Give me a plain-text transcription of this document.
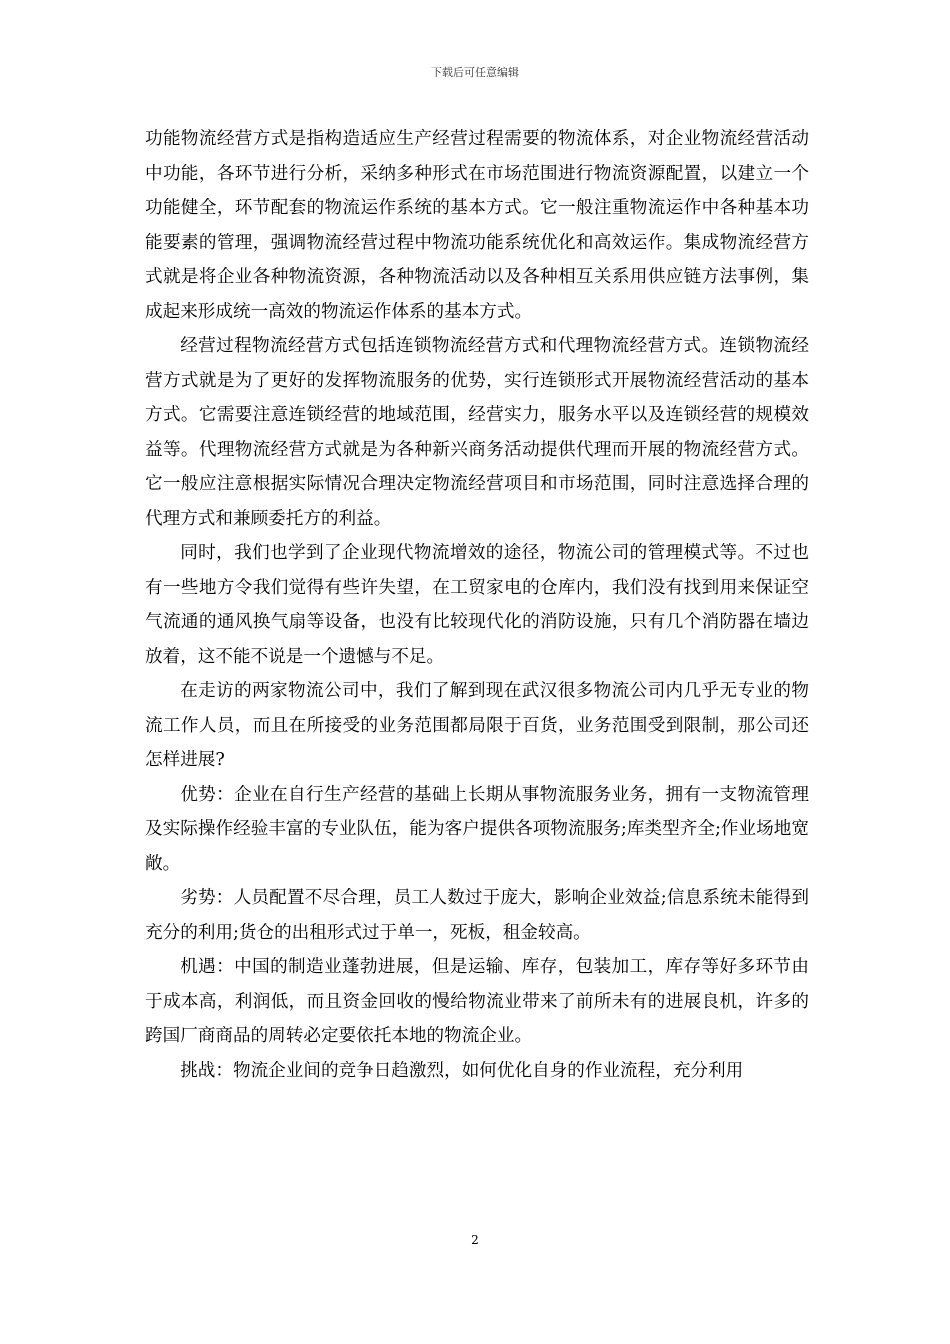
下载后可任意编辑

功能物流经营方式是指构造适应生产经营过程需要的物流体系，对企业物流经营活动中功能，各环节进行分析，采纳多种形式在市场范围进行物流资源配置，以建立一个功能健全，环节配套的物流运作系统的基本方式。它一般注重物流运作中各种基本功能要素的管理，强调物流经营过程中物流功能系统优化和高效运作。集成物流经营方式就是将企业各种物流资源，各种物流活动以及各种相互关系用供应链方法事例，集成起来形成统一高效的物流运作体系的基本方式。

经营过程物流经营方式包括连锁物流经营方式和代理物流经营方式。连锁物流经营方式就是为了更好的发挥物流服务的优势，实行连锁形式开展物流经营活动的基本方式。它需要注意连锁经营的地域范围，经营实力，服务水平以及连锁经营的规模效益等。代理物流经营方式就是为各种新兴商务活动提供代理而开展的物流经营方式。它一般应注意根据实际情况合理决定物流经营项目和市场范围，同时注意选择合理的代理方式和兼顾委托方的利益。

同时，我们也学到了企业现代物流增效的途径，物流公司的管理模式等。不过也有一些地方令我们觉得有些许失望，在工贸家电的仓库内，我们没有找到用来保证空气流通的通风换气扇等设备，也没有比较现代化的消防设施，只有几个消防器在墙边放着，这不能不说是一个遗憾与不足。

在走访的两家物流公司中，我们了解到现在武汉很多物流公司内几乎无专业的物流工作人员，而且在所接受的业务范围都局限于百货，业务范围受到限制，那公司还怎样进展?

优势：企业在自行生产经营的基础上长期从事物流服务业务，拥有一支物流管理及实际操作经验丰富的专业队伍，能为客户提供各项物流服务;库类型齐全;作业场地宽敞。

劣势：人员配置不尽合理，员工人数过于庞大，影响企业效益;信息系统未能得到充分的利用;货仓的出租形式过于单一，死板，租金较高。

机遇：中国的制造业蓬勃进展，但是运输、库存，包装加工，库存等好多环节由于成本高，利润低，而且资金回收的慢给物流业带来了前所未有的进展良机，许多的跨国厂商商品的周转必定要依托本地的物流企业。

挑战：物流企业间的竞争日趋激烈，如何优化自身的作业流程，充分利用

2
